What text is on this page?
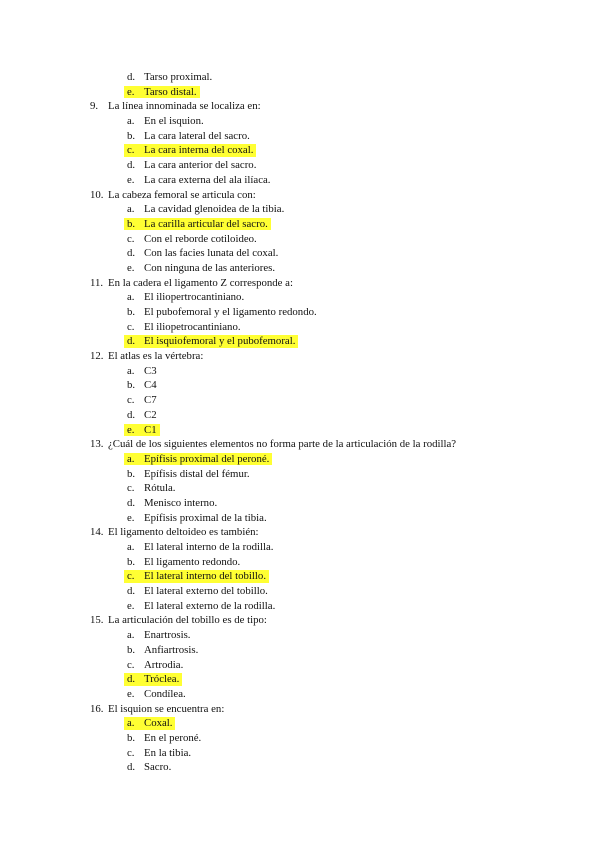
d. Tarso proximal.
e. Tarso distal.
9. La línea innominada se localiza en:
a. En el isquion.
b. La cara lateral del sacro.
c. La cara interna del coxal.
d. La cara anterior del sacro.
e. La cara externa del ala ilíaca.
10. La cabeza femoral se articula con:
a. La cavidad glenoidea de la tibia.
b. La carilla articular del sacro.
c. Con el reborde cotiloideo.
d. Con las facies lunata del coxal.
e. Con ninguna de las anteriores.
11. En la cadera el ligamento Z corresponde a:
a. El iliopertrocantiniano.
b. El pubofemoral y el ligamento redondo.
c. El iliopetrocantiniano.
d. El isquiofemoral y el pubofemoral.
12. El atlas es la vértebra:
a. C3
b. C4
c. C7
d. C2
e. C1
13. ¿Cuál de los siguientes elementos no forma parte de la articulación de la rodilla?
a. Epífisis proximal del peroné.
b. Epífisis distal del fémur.
c. Rótula.
d. Menisco interno.
e. Epífisis proximal de la tibia.
14. El ligamento deltoideo es también:
a. El lateral interno de la rodilla.
b. El ligamento redondo.
c. El lateral interno del tobillo.
d. El lateral externo del tobillo.
e. El lateral externo de la rodilla.
15. La articulación del tobillo es de tipo:
a. Enartrosis.
b. Anfiartrosis.
c. Artrodia.
d. Tróclea.
e. Condílea.
16. El isquion se encuentra en:
a. Coxal.
b. En el peroné.
c. En la tibia.
d. Sacro.
